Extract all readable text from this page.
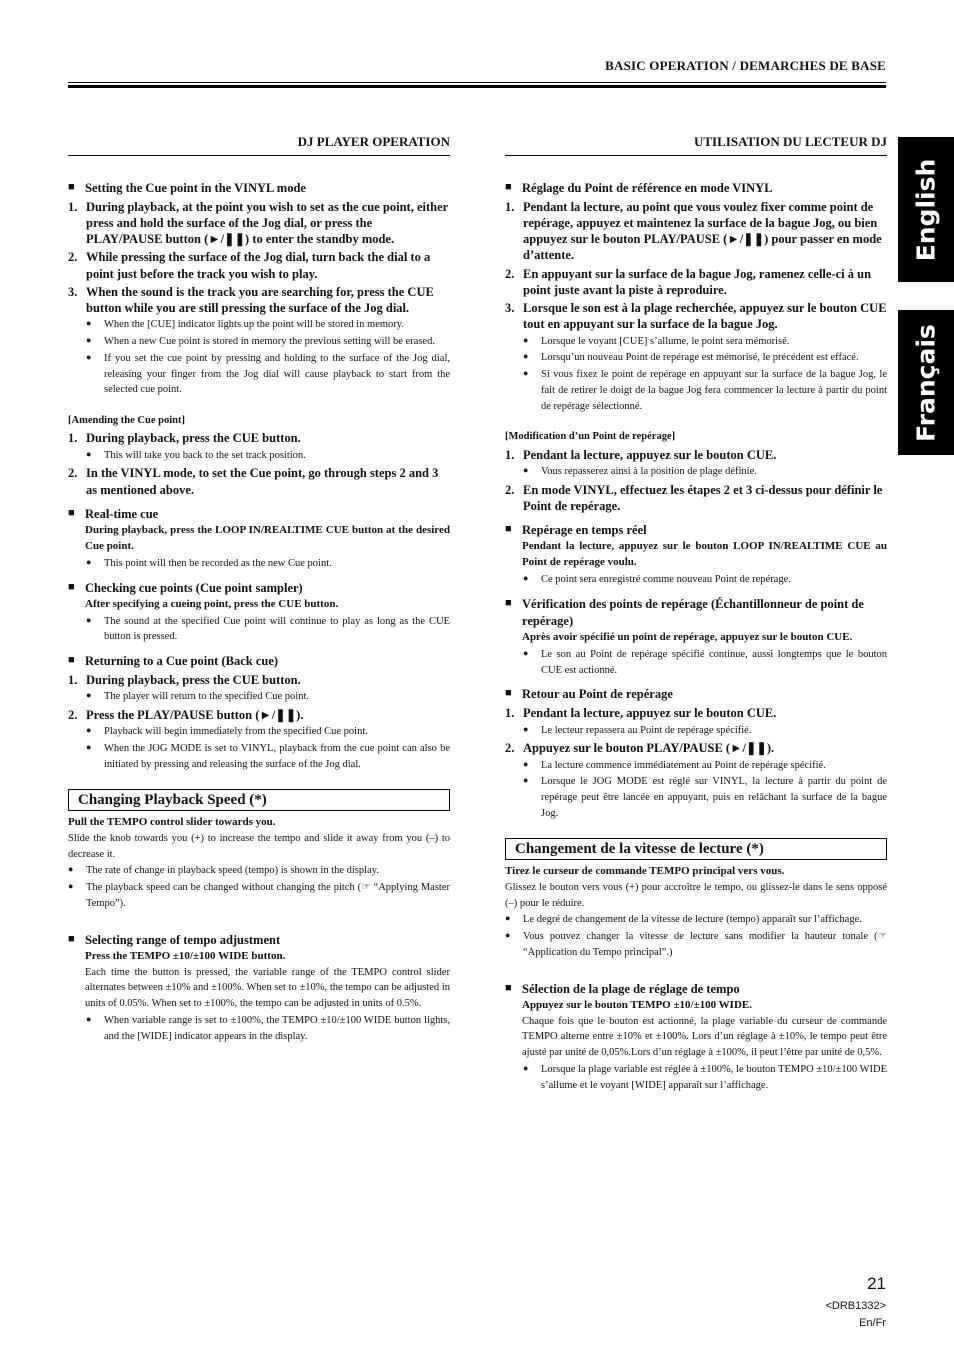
BASIC OPERATION / DEMARCHES DE BASE
English
Français
DJ PLAYER OPERATION
■ Setting the Cue point in the VINYL mode
1. During playback, at the point you wish to set as the cue point, either press and hold the surface of the Jog dial, or press the PLAY/PAUSE button (►/❚❚) to enter the standby mode.
2. While pressing the surface of the Jog dial, turn back the dial to a point just before the track you wish to play.
3. When the sound is the track you are searching for, press the CUE button while you are still pressing the surface of the Jog dial.
● When the [CUE] indicator lights up the point will be stored in memory.
● When a new Cue point is stored in memory the previous setting will be erased.
● If you set the cue point by pressing and holding to the surface of the Jog dial, releasing your finger from the Jog dial will cause playback to start from the selected cue point.
[Amending the Cue point]
1. During playback, press the CUE button.
● This will take you back to the set track position.
2. In the VINYL mode, to set the Cue point, go through steps 2 and 3 as mentioned above.
■ Real-time cue
During playback, press the LOOP IN/REALTIME CUE button at the desired Cue point.
● This point will then be recorded as the new Cue point.
■ Checking cue points (Cue point sampler)
After specifying a cueing point, press the CUE button.
● The sound at the specified Cue point will continue to play as long as the CUE button is pressed.
■ Returning to a Cue point (Back cue)
1. During playback, press the CUE button.
● The player will return to the specified Cue point.
2. Press the PLAY/PAUSE button (►/❚❚).
● Playback will begin immediately from the specified Cue point.
● When the JOG MODE is set to VINYL, playback from the cue point can also be initiated by pressing and releasing the surface of the Jog dial.
Changing Playback Speed (*)
Pull the TEMPO control slider towards you.
Slide the knob towards you (+) to increase the tempo and slide it away from you (–) to decrease it.
● The rate of change in playback speed (tempo) is shown in the display.
● The playback speed can be changed without changing the pitch (☞ “Applying Master Tempo”).
■ Selecting range of tempo adjustment
Press the TEMPO ±10/±100 WIDE button.
Each time the button is pressed, the variable range of the TEMPO control slider alternates between ±10% and ±100%. When set to ±10%, the tempo can be adjusted in units of 0.05%. When set to ±100%, the tempo can be adjusted in units of 0.5%.
● When variable range is set to ±100%, the TEMPO ±10/±100 WIDE button lights, and the [WIDE] indicator appears in the display.
UTILISATION DU LECTEUR DJ
■ Réglage du Point de référence en mode VINYL
1. Pendant la lecture, au point que vous voulez fixer comme point de repérage, appuyez et maintenez la surface de la bague Jog, ou bien appuyez sur le bouton PLAY/PAUSE (►/❚❚) pour passer en mode d’attente.
2. En appuyant sur la surface de la bague Jog, ramenez celle-ci à un point juste avant la piste à reproduire.
3. Lorsque le son est à la plage recherchée, appuyez sur le bouton CUE tout en appuyant sur la surface de la bague Jog.
● Lorsque le voyant [CUE] s’allume, le point sera mémorisé.
● Lorsqu’un nouveau Point de repérage est mémorisé, le précédent est effacé.
● Si vous fixez le point de repérage en appuyant sur la surface de la bague Jog, le fait de retirer le doigt de la bague Jog fera commencer la lecture à partir du point de repérage sélectionné.
[Modification d’un Point de repérage]
1. Pendant la lecture, appuyez sur le bouton CUE.
● Vous repasserez ainsi à la position de plage définie.
2. En mode VINYL, effectuez les étapes 2 et 3 ci-dessus pour définir le Point de repérage.
■ Repérage en temps réel
Pendant la lecture, appuyez sur le bouton LOOP IN/REALTIME CUE au Point de repérage voulu.
● Ce point sera enregistré comme nouveau Point de repérage.
■ Vérification des points de repérage (Échantillonneur de point de repérage)
Après avoir spécifié un point de repérage, appuyez sur le bouton CUE.
● Le son au Point de repérage spécifié continue, aussi longtemps que le bouton CUE est actionné.
■ Retour au Point de repérage
1. Pendant la lecture, appuyez sur le bouton CUE.
● Le lecteur repassera au Point de repérage spécifié.
2. Appuyez sur le bouton PLAY/PAUSE (►/❚❚).
● La lecture commence immédiatement au Point de repérage spécifié.
● Lorsque le JOG MODE est réglé sur VINYL, la lecture à partir du point de repérage peut être lancée en appuyant, puis en relâchant la surface de la bague Jog.
Changement de la vitesse de lecture (*)
Tirez le curseur de commande TEMPO principal vers vous.
Glissez le bouton vers vous (+) pour accroître le tempo, ou glissez-le dans le sens opposé (–) pour le réduire.
● Le degré de changement de la vitesse de lecture (tempo) apparaît sur l’affichage.
● Vous pouvez changer la vitesse de lecture sans modifier la hauteur tonale (☞ “Application du Tempo principal”.)
■ Sélection de la plage de réglage de tempo
Appuyez sur le bouton TEMPO ±10/±100 WIDE.
Chaque fois que le bouton est actionné, la plage variable du curseur de commande TEMPO alterne entre ±10% et ±100%. Lors d’un réglage à ±10%, le tempo peut être ajusté par unité de 0,05%.Lors d’un réglage à ±100%, il peut l’être par unité de 0,5%.
● Lorsque la plage variable est réglée à ±100%, le bouton TEMPO ±10/±100 WIDE s’allume et le voyant [WIDE] apparaît sur l’affichage.
21
<DRB1332>
En/Fr
